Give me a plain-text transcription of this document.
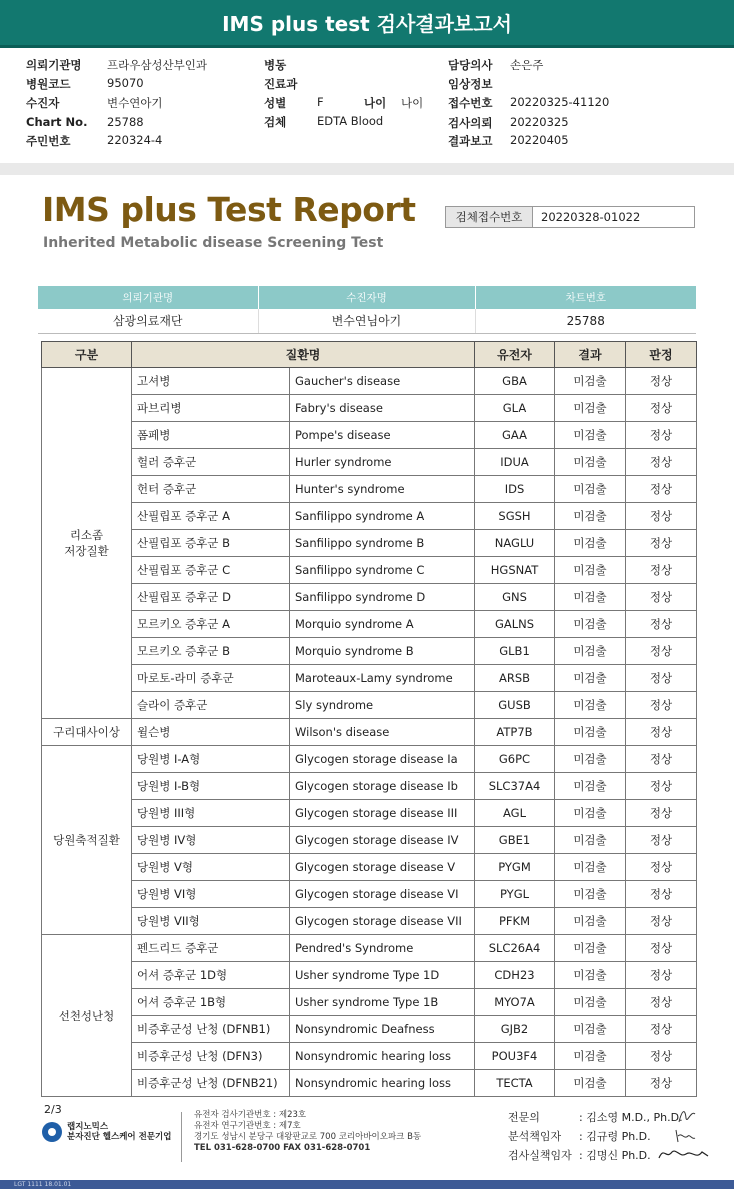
IMS plus test 검사결과보고서
의뢰기관명 프라우삼성산부인과
병원코드	95070
수진자	변수연아기
Chart No. 25788
주민번호	220324-4
병동
진료과
성별	F	나이 나이
검체	EDTA Blood
담당의사 손은주
임상정보
접수번호 20220325-41120
검사의뢰 20220325
결과보고 20220405
IMS plus Test Report
Inherited Metabolic disease Screening Test
검체접수번호	20220328-01022
의뢰기관명	수진자명	차트번호
삼광의료재단	변수연님아기	25788
구분	질환명		유전자	결과	판정
리소좀
저장질환	고셔병	Gaucher's disease	GBA	미검출	정상
	파브리병	Fabry's disease	GLA	미검출	정상
	폼페병	Pompe's disease	GAA	미검출	정상
	헐러 증후군	Hurler syndrome	IDUA	미검출	정상
	헌터 증후군	Hunter's syndrome	IDS	미검출	정상
	산필립포 증후군 A	Sanfilippo syndrome A	SGSH	미검출	정상
	산필립포 증후군 B	Sanfilippo syndrome B	NAGLU	미검출	정상
	산필립포 증후군 C	Sanfilippo syndrome C	HGSNAT	미검출	정상
	산필립포 증후군 D	Sanfilippo syndrome D	GNS	미검출	정상
	모르키오 증후군 A	Morquio syndrome A	GALNS	미검출	정상
	모르키오 증후군 B	Morquio syndrome B	GLB1	미검출	정상
	마로토-라미 증후군	Maroteaux-Lamy syndrome	ARSB	미검출	정상
	슬라이 증후군	Sly syndrome	GUSB	미검출	정상
구리대사이상	윌슨병	Wilson's disease	ATP7B	미검출	정상
당원축적질환	당원병 I-A형	Glycogen storage disease Ia	G6PC	미검출	정상
	당원병 I-B형	Glycogen storage disease Ib	SLC37A4	미검출	정상
	당원병 III형	Glycogen storage disease III	AGL	미검출	정상
	당원병 IV형	Glycogen storage disease IV	GBE1	미검출	정상
	당원병 V형	Glycogen storage disease V	PYGM	미검출	정상
	당원병 VI형	Glycogen storage disease VI	PYGL	미검출	정상
	당원병 VII형	Glycogen storage disease VII	PFKM	미검출	정상
선천성난청	펜드리드 증후군	Pendred's Syndrome	SLC26A4	미검출	정상
	어셔 증후군 1D형	Usher syndrome Type 1D	CDH23	미검출	정상
	어셔 증후군 1B형	Usher syndrome Type 1B	MYO7A	미검출	정상
	비증후군성 난청 (DFNB1)	Nonsyndromic Deafness	GJB2	미검출	정상
	비증후군성 난청 (DFN3)	Nonsyndromic hearing loss	POU3F4	미검출	정상
	비증후군성 난청 (DFNB21)	Nonsyndromic hearing loss	TECTA	미검출	정상
2/3
랩지노믹스
분자진단 헬스케어 전문기업
유전자 검사기관번호 : 제23호
유전자 연구기관번호 : 제7호
경기도 성남시 분당구 대왕판교로 700 코리아바이오파크 B동
TEL 031-628-0700 FAX 031-628-0701
전문의	: 김소영 M.D., Ph.D.
분석책임자	: 김규령 Ph.D.
검사실책임자 : 김명신 Ph.D.
LGT 1111 18.01.01
